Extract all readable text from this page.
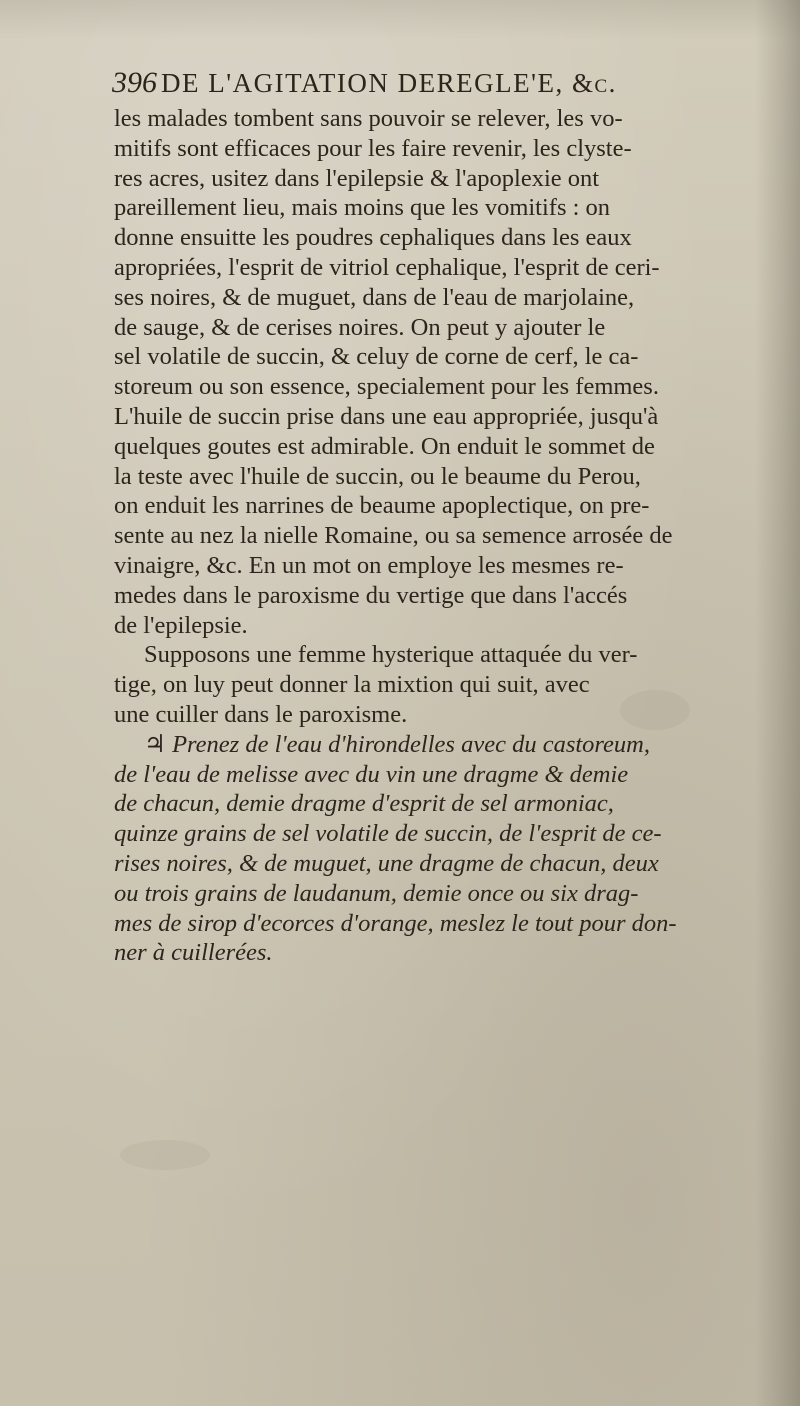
396 DE L'AGITATION DEREGLE'E, &c.

les malades tombent sans pouvoir se relever, les vo-
mitifs sont efficaces pour les faire revenir, les clyste-
res acres, usitez dans l'epilepsie & l'apoplexie ont
pareillement lieu, mais moins que les vomitifs : on
donne ensuitte les poudres cephaliques dans les eaux
apropriées, l'esprit de vitriol cephalique, l'esprit de ceri-
ses noires, & de muguet, dans de l'eau de marjolaine,
de sauge, & de cerises noires. On peut y ajouter le
sel volatile de succin, & celuy de corne de cerf, le ca-
storeum ou son essence, specialement pour les femmes.
L'huile de succin prise dans une eau appropriée, jusqu'à
quelques goutes est admirable. On enduit le sommet de
la teste avec l'huile de succin, ou le beaume du Perou,
on enduit les narrines de beaume apoplectique, on pre-
sente au nez la nielle Romaine, ou sa semence arrosée de
vinaigre, &c. En un mot on employe les mesmes re-
medes dans le paroxisme du vertige que dans l'accés
de l'epilepsie.

Supposons une femme hysterique attaquée du ver-
tige, on luy peut donner la mixtion qui suit, avec
une cuiller dans le paroxisme.

♃ Prenez de l'eau d'hirondelles avec du castoreum,
de l'eau de melisse avec du vin une dragme & demie
de chacun, demie dragme d'esprit de sel armoniac,
quinze grains de sel volatile de succin, de l'esprit de ce-
rises noires, & de muguet, une dragme de chacun, deux
ou trois grains de laudanum, demie once ou six drag-
mes de sirop d'ecorces d'orange, meslez le tout pour don-
ner à cuillerées.
